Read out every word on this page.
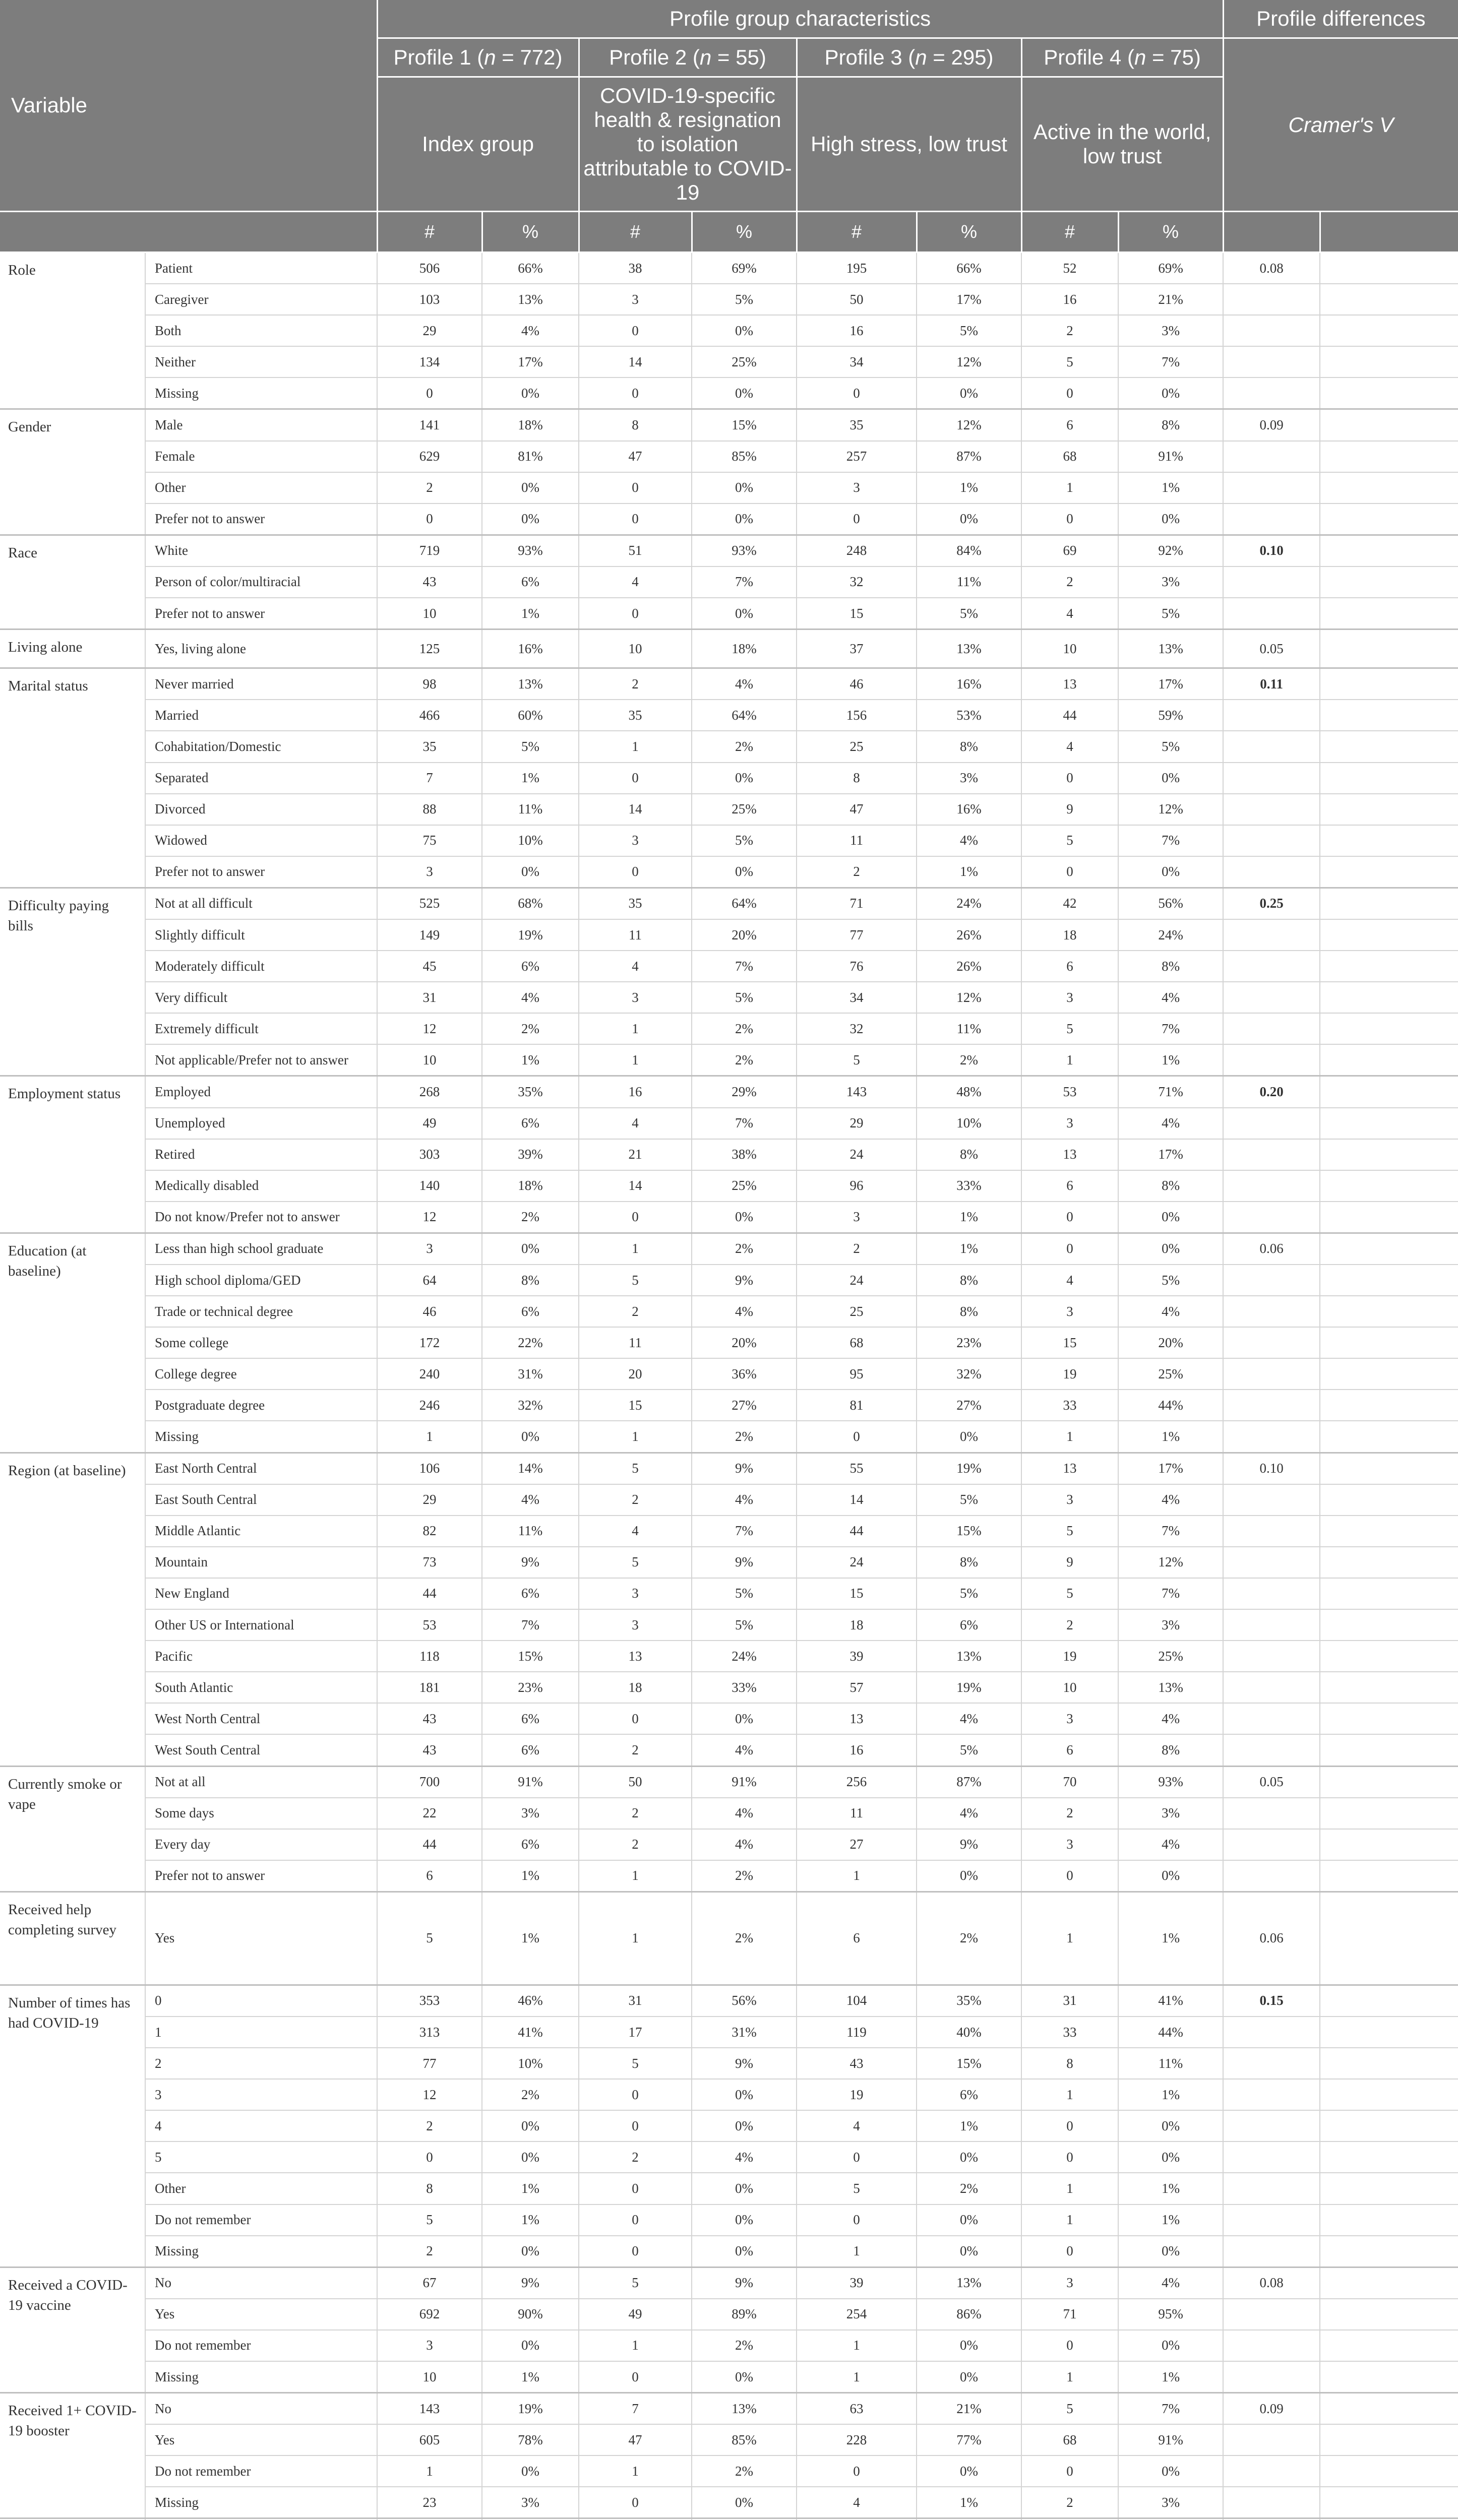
Variable		Profile group characteristics								Profile differences	
		Profile 1 (n = 772)		Profile 2 (n = 55)		Profile 3 (n = 295)		Profile 4 (n = 75)		Cramer's V	
		Index group		COVID-19-specific health & resignation to isolation attributable to COVID-19		High stress, low trust		Active in the world, low trust			
		#	%	#	%	#	%	#	%		
Role	Patient	506	66%	38	69%	195	66%	52	69%	0.08	
	Caregiver	103	13%	3	5%	50	17%	16	21%		
	Both	29	4%	0	0%	16	5%	2	3%		
	Neither	134	17%	14	25%	34	12%	5	7%		
	Missing	0	0%	0	0%	0	0%	0	0%		
Gender	Male	141	18%	8	15%	35	12%	6	8%	0.09	
	Female	629	81%	47	85%	257	87%	68	91%		
	Other	2	0%	0	0%	3	1%	1	1%		
	Prefer not to answer	0	0%	0	0%	0	0%	0	0%		
Race	White	719	93%	51	93%	248	84%	69	92%	0.10	
	Person of color/multiracial	43	6%	4	7%	32	11%	2	3%		
	Prefer not to answer	10	1%	0	0%	15	5%	4	5%		
Living alone	Yes, living alone	125	16%	10	18%	37	13%	10	13%	0.05	
Marital status	Never married	98	13%	2	4%	46	16%	13	17%	0.11	
	Married	466	60%	35	64%	156	53%	44	59%		
	Cohabitation/Domestic	35	5%	1	2%	25	8%	4	5%		
	Separated	7	1%	0	0%	8	3%	0	0%		
	Divorced	88	11%	14	25%	47	16%	9	12%		
	Widowed	75	10%	3	5%	11	4%	5	7%		
	Prefer not to answer	3	0%	0	0%	2	1%	0	0%		
Difficulty paying bills	Not at all difficult	525	68%	35	64%	71	24%	42	56%	0.25	
	Slightly difficult	149	19%	11	20%	77	26%	18	24%		
	Moderately difficult	45	6%	4	7%	76	26%	6	8%		
	Very difficult	31	4%	3	5%	34	12%	3	4%		
	Extremely difficult	12	2%	1	2%	32	11%	5	7%		
	Not applicable/Prefer not to answer	10	1%	1	2%	5	2%	1	1%		
Employment status	Employed	268	35%	16	29%	143	48%	53	71%	0.20	
	Unemployed	49	6%	4	7%	29	10%	3	4%		
	Retired	303	39%	21	38%	24	8%	13	17%		
	Medically disabled	140	18%	14	25%	96	33%	6	8%		
	Do not know/Prefer not to answer	12	2%	0	0%	3	1%	0	0%		
Education (at baseline)	Less than high school graduate	3	0%	1	2%	2	1%	0	0%	0.06	
	High school diploma/GED	64	8%	5	9%	24	8%	4	5%		
	Trade or technical degree	46	6%	2	4%	25	8%	3	4%		
	Some college	172	22%	11	20%	68	23%	15	20%		
	College degree	240	31%	20	36%	95	32%	19	25%		
	Postgraduate degree	246	32%	15	27%	81	27%	33	44%		
	Missing	1	0%	1	2%	0	0%	1	1%		
Region (at baseline)	East North Central	106	14%	5	9%	55	19%	13	17%	0.10	
	East South Central	29	4%	2	4%	14	5%	3	4%		
	Middle Atlantic	82	11%	4	7%	44	15%	5	7%		
	Mountain	73	9%	5	9%	24	8%	9	12%		
	New England	44	6%	3	5%	15	5%	5	7%		
	Other US or International	53	7%	3	5%	18	6%	2	3%		
	Pacific	118	15%	13	24%	39	13%	19	25%		
	South Atlantic	181	23%	18	33%	57	19%	10	13%		
	West North Central	43	6%	0	0%	13	4%	3	4%		
	West South Central	43	6%	2	4%	16	5%	6	8%		
Currently smoke or vape	Not at all	700	91%	50	91%	256	87%	70	93%	0.05	
	Some days	22	3%	2	4%	11	4%	2	3%		
	Every day	44	6%	2	4%	27	9%	3	4%		
	Prefer not to answer	6	1%	1	2%	1	0%	0	0%		
Received help completing survey	Yes	5	1%	1	2%	6	2%	1	1%	0.06	
Number of times has had COVID-19	0	353	46%	31	56%	104	35%	31	41%	0.15	
	1	313	41%	17	31%	119	40%	33	44%		
	2	77	10%	5	9%	43	15%	8	11%		
	3	12	2%	0	0%	19	6%	1	1%		
	4	2	0%	0	0%	4	1%	0	0%		
	5	0	0%	2	4%	0	0%	0	0%		
	Other	8	1%	0	0%	5	2%	1	1%		
	Do not remember	5	1%	0	0%	0	0%	1	1%		
	Missing	2	0%	0	0%	1	0%	0	0%		
Received a COVID-19 vaccine	No	67	9%	5	9%	39	13%	3	4%	0.08	
	Yes	692	90%	49	89%	254	86%	71	95%		
	Do not remember	3	0%	1	2%	1	0%	0	0%		
	Missing	10	1%	0	0%	1	0%	1	1%		
Received 1+ COVID-19 booster	No	143	19%	7	13%	63	21%	5	7%	0.09	
	Yes	605	78%	47	85%	228	77%	68	91%		
	Do not remember	1	0%	1	2%	0	0%	0	0%		
	Missing	23	3%	0	0%	4	1%	2	3%		
